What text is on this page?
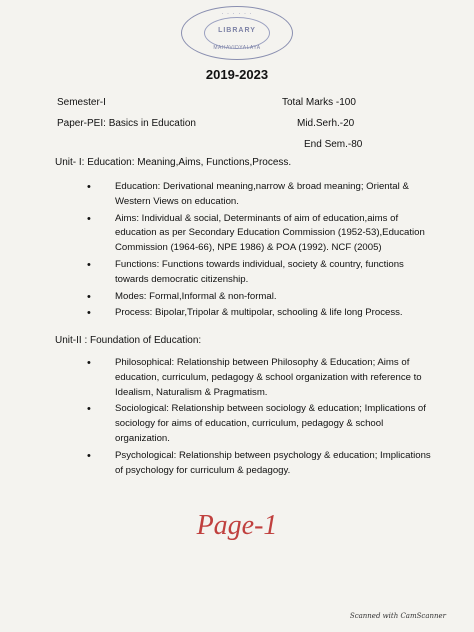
· · · · · ·
LIBRARY
MAHAVIDYALAYA
2019-2023
Semester-I	Total Marks -100
Paper-PEI: Basics in Education	Mid.Serh.-20
End Sem.-80
Unit- I: Education: Meaning,Aims, Functions,Process.
• Education: Derivational meaning,narrow & broad meaning; Oriental & Western Views on education.
• Aims: Individual & social, Determinants of aim of education,aims of education as per Secondary Education Commission (1952-53),Education Commission (1964-66), NPE 1986) & POA (1992). NCF (2005)
• Functions: Functions towards individual, society & country, functions towards democratic citizenship.
• Modes: Formal,Informal & non-formal.
• Process: Bipolar,Tripolar & multipolar, schooling & life long Process.
Unit-II : Foundation of Education:
• Philosophical: Relationship between Philosophy & Education; Aims of education, curriculum, pedagogy & school organization with reference to Idealism, Naturalism & Pragmatism.
• Sociological: Relationship between sociology & education; Implications of sociology for aims of education, curriculum, pedagogy & school organization.
• Psychological: Relationship between psychology & education; Implications of psychology for curriculum & pedagogy.
Page-1
Scanned with CamScanner
